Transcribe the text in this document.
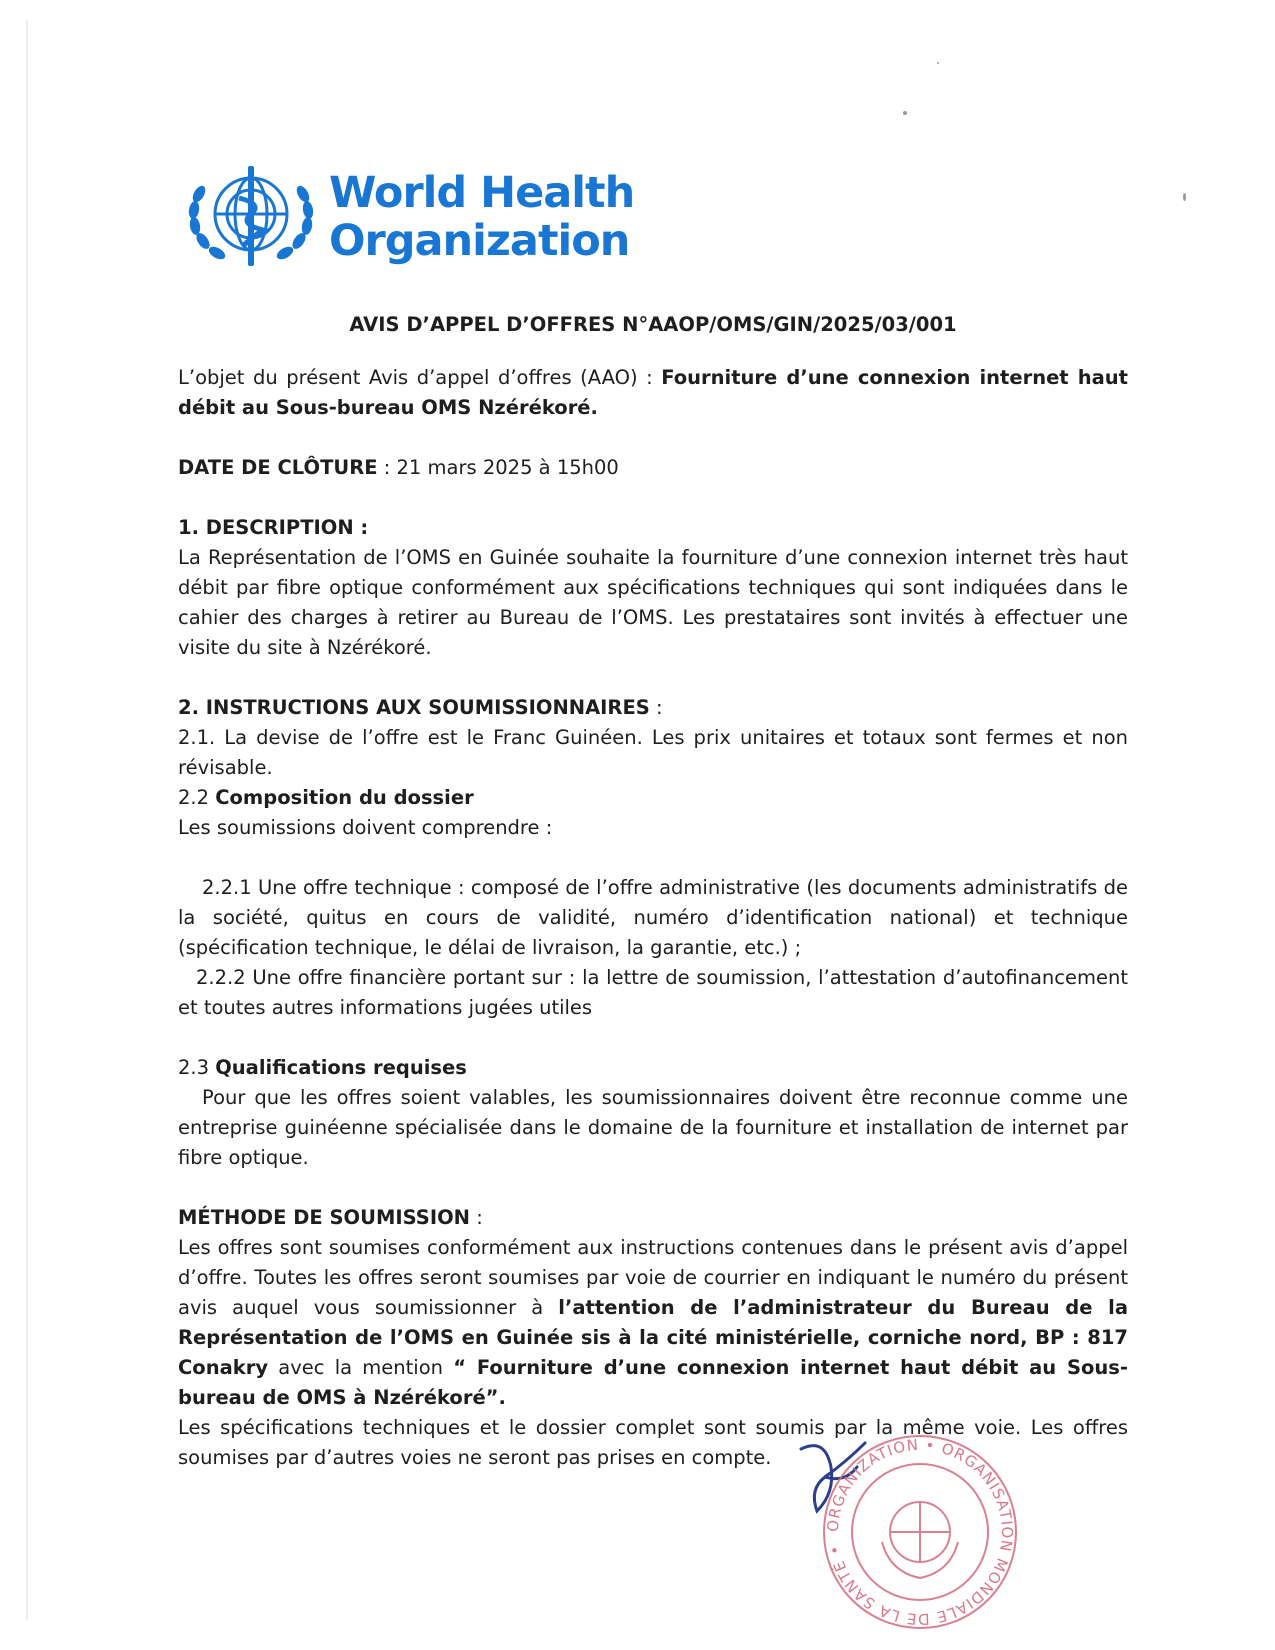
World Health
Organization

AVIS D’APPEL D’OFFRES N°AAOP/OMS/GIN/2025/03/001

L’objet du présent Avis d’appel d’offres (AAO) : Fourniture d’une connexion internet haut débit au Sous-bureau OMS Nzérékoré.

DATE DE CLÔTURE : 21 mars 2025 à 15h00

1. DESCRIPTION :

La Représentation de l’OMS en Guinée souhaite la fourniture d’une connexion internet très haut débit par fibre optique conformément aux spécifications techniques qui sont indiquées dans le cahier des charges à retirer au Bureau de l’OMS. Les prestataires sont invités à effectuer une visite du site à Nzérékoré.

2. INSTRUCTIONS AUX SOUMISSIONNAIRES :

2.1. La devise de l’offre est le Franc Guinéen. Les prix unitaires et totaux sont fermes et non révisable.

2.2 Composition du dossier

Les soumissions doivent comprendre :

2.2.1 Une offre technique : composé de l’offre administrative (les documents administratifs de la société, quitus en cours de validité, numéro d’identification national) et technique (spécification technique, le délai de livraison, la garantie, etc.) ;

2.2.2 Une offre financière portant sur : la lettre de soumission, l’attestation d’autofinancement et toutes autres informations jugées utiles

2.3 Qualifications requises

Pour que les offres soient valables, les soumissionnaires doivent être reconnue comme une entreprise guinéenne spécialisée dans le domaine de la fourniture et installation de internet par fibre optique.

MÉTHODE DE SOUMISSION :

Les offres sont soumises conformément aux instructions contenues dans le présent avis d’appel d’offre. Toutes les offres seront soumises par voie de courrier en indiquant le numéro du présent avis auquel vous soumissionner à l’attention de l’administrateur du Bureau de la Représentation de l’OMS en Guinée sis à la cité ministérielle, corniche nord, BP : 817 Conakry avec la mention “ Fourniture d’une connexion internet haut débit au Sous-bureau de OMS à Nzérékoré”.

Les spécifications techniques et le dossier complet sont soumis par la même voie. Les offres soumises par d’autres voies ne seront pas prises en compte.

ORGANIZATION • ORGANISATION MONDIALE DE LA SANTÉ •
